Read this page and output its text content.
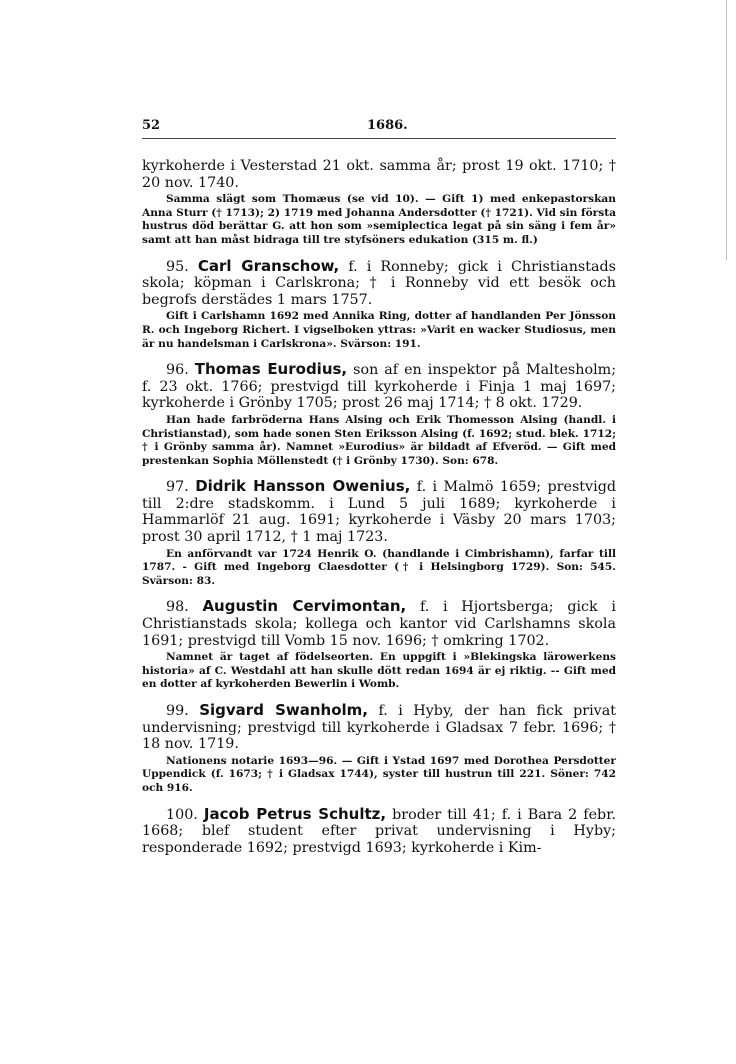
52	1686.

kyrkoherde i Vesterstad 21 okt. samma år; prost 19 okt. 1710; † 20 nov. 1740.

Samma slägt som Thomæus (se vid 10). — Gift 1) med enkepastorskan Anna Sturr († 1713); 2) 1719 med Johanna Andersdotter († 1721). Vid sin första hustrus död berättar G. att hon som »semiplectica legat på sin säng i fem år» samt att han måst bidraga till tre styfsöners edukation (315 m. fl.)

95. Carl Granschow, f. i Ronneby; gick i Christianstads skola; köpman i Carlskrona; † i Ronneby vid ett besök och begrofs derstädes 1 mars 1757.

Gift i Carlshamn 1692 med Annika Ring, dotter af handlanden Per Jönsson R. och Ingeborg Richert. I vigselboken yttras: »Varit en wacker Studiosus, men är nu handelsman i Carlskrona». Svärson: 191.

96. Thomas Eurodius, son af en inspektor på Maltesholm; f. 23 okt. 1766; prestvigd till kyrkoherde i Finja 1 maj 1697; kyrkoherde i Grönby 1705; prost 26 maj 1714; † 8 okt. 1729.

Han hade farbröderna Hans Alsing och Erik Thomesson Alsing (handl. i Christianstad), som hade sonen Sten Eriksson Alsing (f. 1692; stud. blek. 1712; † i Grönby samma år). Namnet »Eurodius» är bildadt af Efveröd. — Gift med prestenkan Sophia Möllenstedt († i Grönby 1730). Son: 678.

97. Didrik Hansson Owenius, f. i Malmö 1659; prestvigd till 2:dre stadskomm. i Lund 5 juli 1689; kyrkoherde i Hammarlöf 21 aug. 1691; kyrkoherde i Väsby 20 mars 1703; prost 30 april 1712, † 1 maj 1723.

En anförvandt var 1724 Henrik O. (handlande i Cimbrishamn), farfar till 1787. - Gift med Ingeborg Claesdotter († i Helsingborg 1729). Son: 545. Svärson: 83.

98. Augustin Cervimontan, f. i Hjortsberga; gick i Christianstads skola; kollega och kantor vid Carlshamns skola 1691; prestvigd till Vomb 15 nov. 1696; † omkring 1702.

Namnet är taget af födelseorten. En uppgift i »Blekingska lärowerkens historia» af C. Westdahl att han skulle dött redan 1694 är ej riktig. -- Gift med en dotter af kyrkoherden Bewerlin i Womb.

99. Sigvard Swanholm, f. i Hyby, der han fick privat undervisning; prestvigd till kyrkoherde i Gladsax 7 febr. 1696; † 18 nov. 1719.

Nationens notarie 1693—96. — Gift i Ystad 1697 med Dorothea Persdotter Uppendick (f. 1673; † i Gladsax 1744), syster till hustrun till 221. Söner: 742 och 916.

100. Jacob Petrus Schultz, broder till 41; f. i Bara 2 febr. 1668; blef student efter privat undervisning i Hyby; responderade 1692; prestvigd 1693; kyrkoherde i Kim-
